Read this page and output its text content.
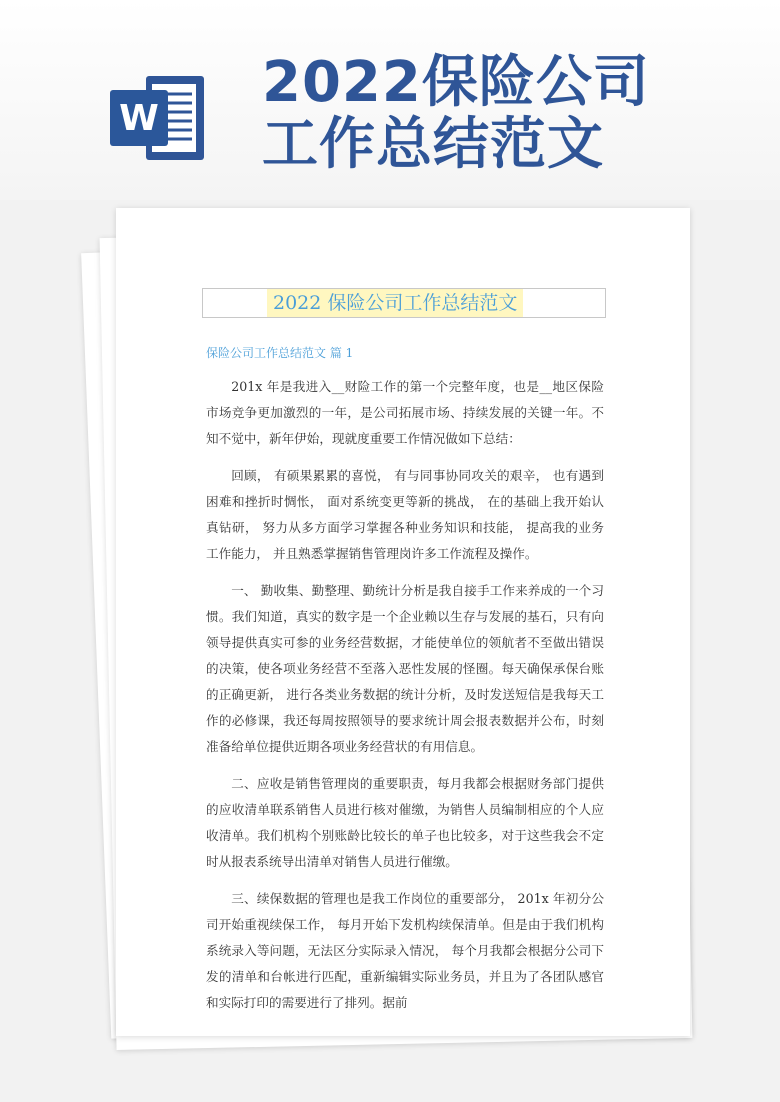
W
2022保险公司
工作总结范文
2022 保险公司工作总结范文
保险公司工作总结范文 篇 1

201x 年是我进入__财险工作的第一个完整年度，也是__地区保险市场竞争更加激烈的一年，是公司拓展市场、持续发展的关键一年。不知不觉中，新年伊始，现就度重要工作情况做如下总结：

回顾， 有硕果累累的喜悦， 有与同事协同攻关的艰辛， 也有遇到困难和挫折时惆怅， 面对系统变更等新的挑战， 在的基础上我开始认真钻研， 努力从多方面学习掌握各种业务知识和技能， 提高我的业务工作能力， 并且熟悉掌握销售管理岗许多工作流程及操作。

一、 勤收集、勤整理、勤统计分析是我自接手工作来养成的一个习惯。我们知道，真实的数字是一个企业赖以生存与发展的基石，只有向领导提供真实可参的业务经营数据，才能使单位的领航者不至做出错误的决策，使各项业务经营不至落入恶性发展的怪圈。每天确保承保台账的正确更新， 进行各类业务数据的统计分析，及时发送短信是我每天工作的必修课，我还每周按照领导的要求统计周会报表数据并公布，时刻准备给单位提供近期各项业务经营状的有用信息。

二、应收是销售管理岗的重要职责，每月我都会根据财务部门提供的应收清单联系销售人员进行核对催缴，为销售人员编制相应的个人应收清单。我们机构个别账龄比较长的单子也比较多，对于这些我会不定时从报表系统导出清单对销售人员进行催缴。

三、续保数据的管理也是我工作岗位的重要部分， 201x 年初分公司开始重视续保工作， 每月开始下发机构续保清单。但是由于我们机构系统录入等问题，无法区分实际录入情况， 每个月我都会根据分公司下发的清单和台帐进行匹配，重新编辑实际业务员，并且为了各团队感官和实际打印的需要进行了排列。据前
